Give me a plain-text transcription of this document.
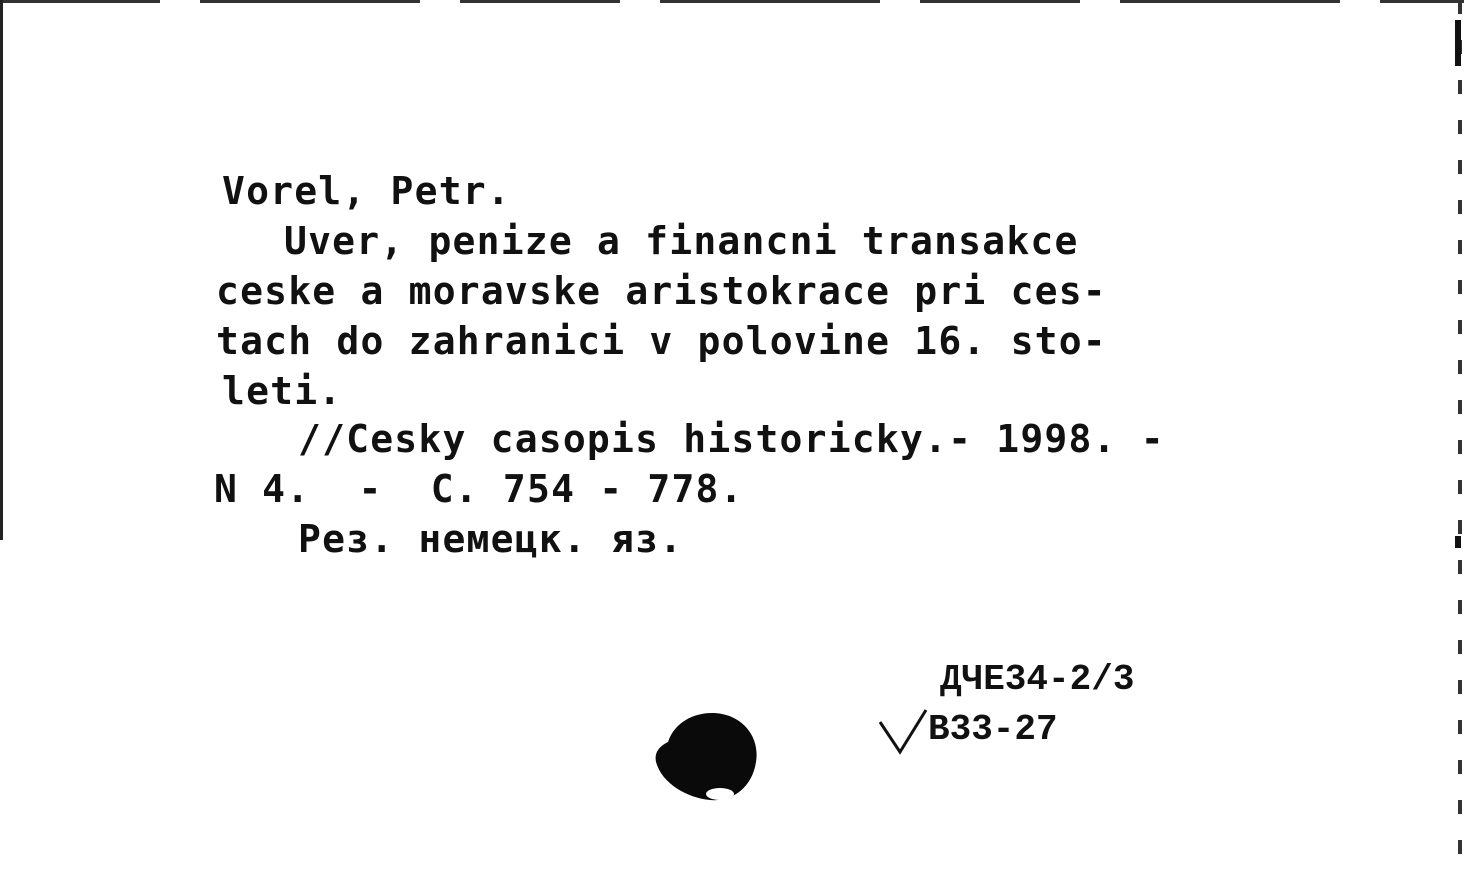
Vorel, Petr.
Uver, penize a financni transakce
ceske a moravske aristokrace pri ces-
tach do zahranici v polovine 16. sto-
leti.
//Cesky casopis historicky.- 1998. -
N 4.  -  C. 754 - 778.
Рез. немецк. яз.
ДЧЕ34-2/3
В33-27
